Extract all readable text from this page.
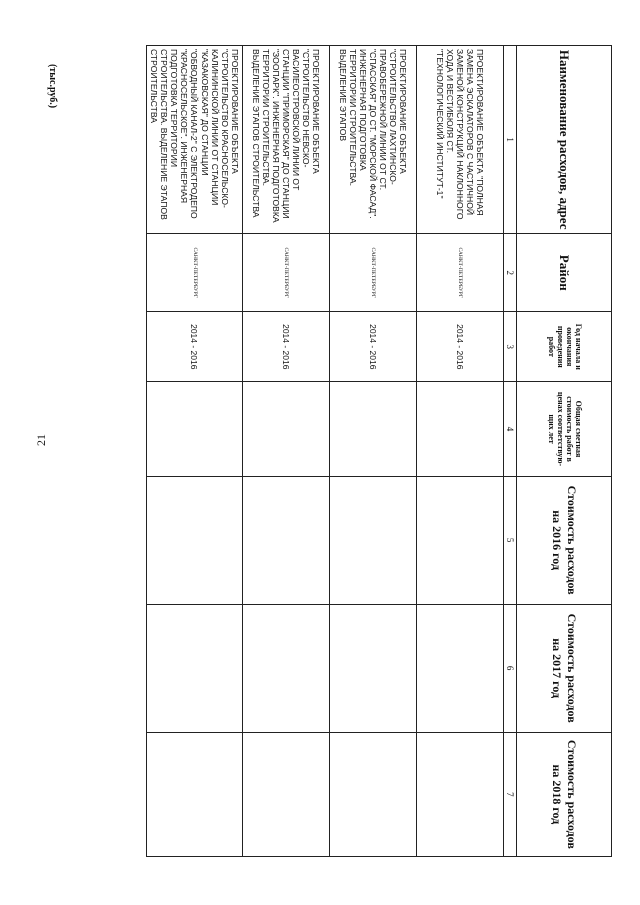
21
(тыс.руб.)	Наименование расходов, адрес	Район	Год начала и окончания проведения работ	Общая сметная стоимость работ в ценах соответствую-щих лет	Стоимость расходов на 2016 год	Стоимость расходов на 2017 год	Стоимость расходов на 2018 год
1	2	3	4	5	6	7
ПРОЕКТИРОВАНИЕ ОБЪЕКТА "ПОЛНАЯ ЗАМЕНА ЭСКАЛАТОРОВ С ЧАСТИЧНОЙ ЗАМЕНОЙ КОНСТРУКЦИЙ НАКЛОННОГО ХОДА И ВЕСТИБЮЛЯ СТ. "ТЕХНОЛОГИЧЕСКИЙ ИНСТИТУТ-1"	САНКТ-ПЕТЕРБУРГ	2014 - 2016				
ПРОЕКТИРОВАНИЕ ОБЪЕКТА "СТРОИТЕЛЬСТВО ЛАХТИНСКО-ПРАВОБЕРЕЖНОЙ ЛИНИИ ОТ СТ. "СПАССКАЯ" ДО СТ. "МОРСКОЙ ФАСАД". ИНЖЕНЕРНАЯ ПОДГОТОВКА ТЕРРИТОРИИ СТРОИТЕЛЬСТВА. ВЫДЕЛЕНИЕ ЭТАПОВ	САНКТ-ПЕТЕРБУРГ	2014 - 2016				
ПРОЕКТИРОВАНИЕ ОБЪЕКТА "СТРОИТЕЛЬСТВО НЕВСКО-ВАСИЛЕОСТРОВСКОЙ ЛИНИИ ОТ СТАНЦИИ "ПРИМОРСКАЯ" ДО СТАНЦИИ "ЗООПАРК". ИНЖЕНЕРНАЯ ПОДГОТОВКА ТЕРРИТОРИИ СТРОИТЕЛЬСТВА. ВЫДЕЛЕНИЕ ЭТАПОВ СТРОИТЕЛЬСТВА	САНКТ-ПЕТЕРБУРГ	2014 - 2016				
ПРОЕКТИРОВАНИЕ ОБЪЕКТА "СТРОИТЕЛЬСТВО КРАСНОСЕЛЬСКО-КАЛИНИНСКОЙ ЛИНИИ ОТ СТАНЦИИ "КАЗАКОВСКАЯ" ДО СТАНЦИИ "ОБВОДНЫЙ КАНАЛ-2" С ЭЛЕКТРОДЕПО "КРАСНОСЕЛЬСКОЕ". ИНЖЕНЕРНАЯ ПОДГОТОВКА ТЕРРИТОРИИ СТРОИТЕЛЬСТВА. ВЫДЕЛЕНИЕ ЭТАПОВ СТРОИТЕЛЬСТВА	САНКТ-ПЕТЕРБУРГ	2014 - 2016				
